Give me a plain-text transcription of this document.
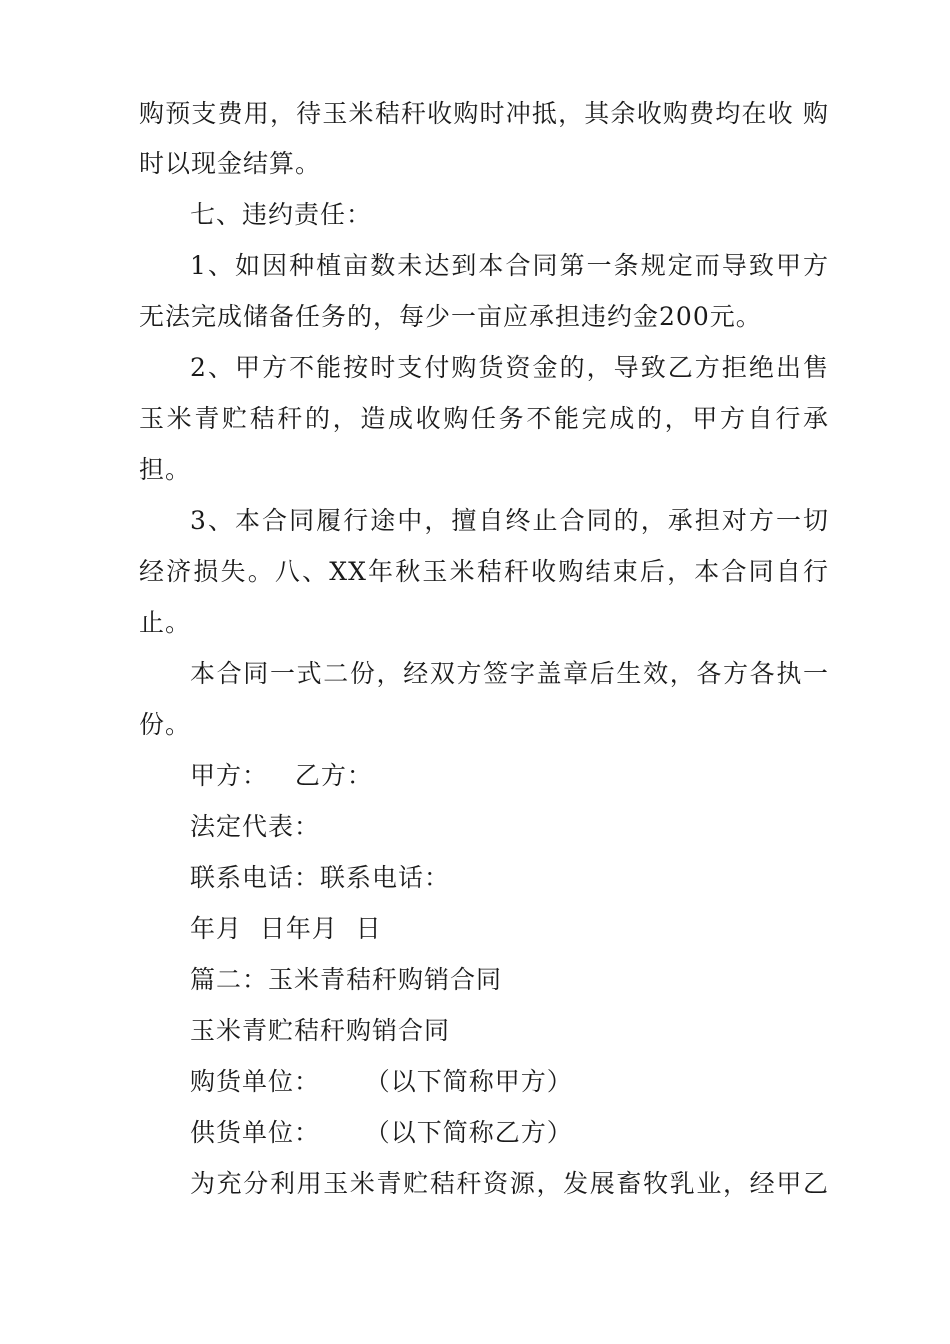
购预支费用，待玉米秸秆收购时冲抵，其余收购费均在收 购
时以现金结算。
七、违约责任：
1、如因种植亩数未达到本合同第一条规定而导致甲方
无法完成储备任务的，每少一亩应承担违约金200元。
2、甲方不能按时支付购货资金的，导致乙方拒绝出售
玉米青贮秸秆的，造成收购任务不能完成的，甲方自行承
担。
3、本合同履行途中，擅自终止合同的，承担对方一切
经济损失。八、XX年秋玉米秸秆收购结束后，本合同自行
止。
本合同一式二份，经双方签字盖章后生效，各方各执一
份。
甲方：   乙方：
法定代表：
联系电话：联系电话：
年月  日年月  日
篇二：玉米青秸秆购销合同
玉米青贮秸秆购销合同
购货单位：     （以下简称甲方）
供货单位：     （以下简称乙方）
为充分利用玉米青贮秸秆资源，发展畜牧乳业，经甲乙
